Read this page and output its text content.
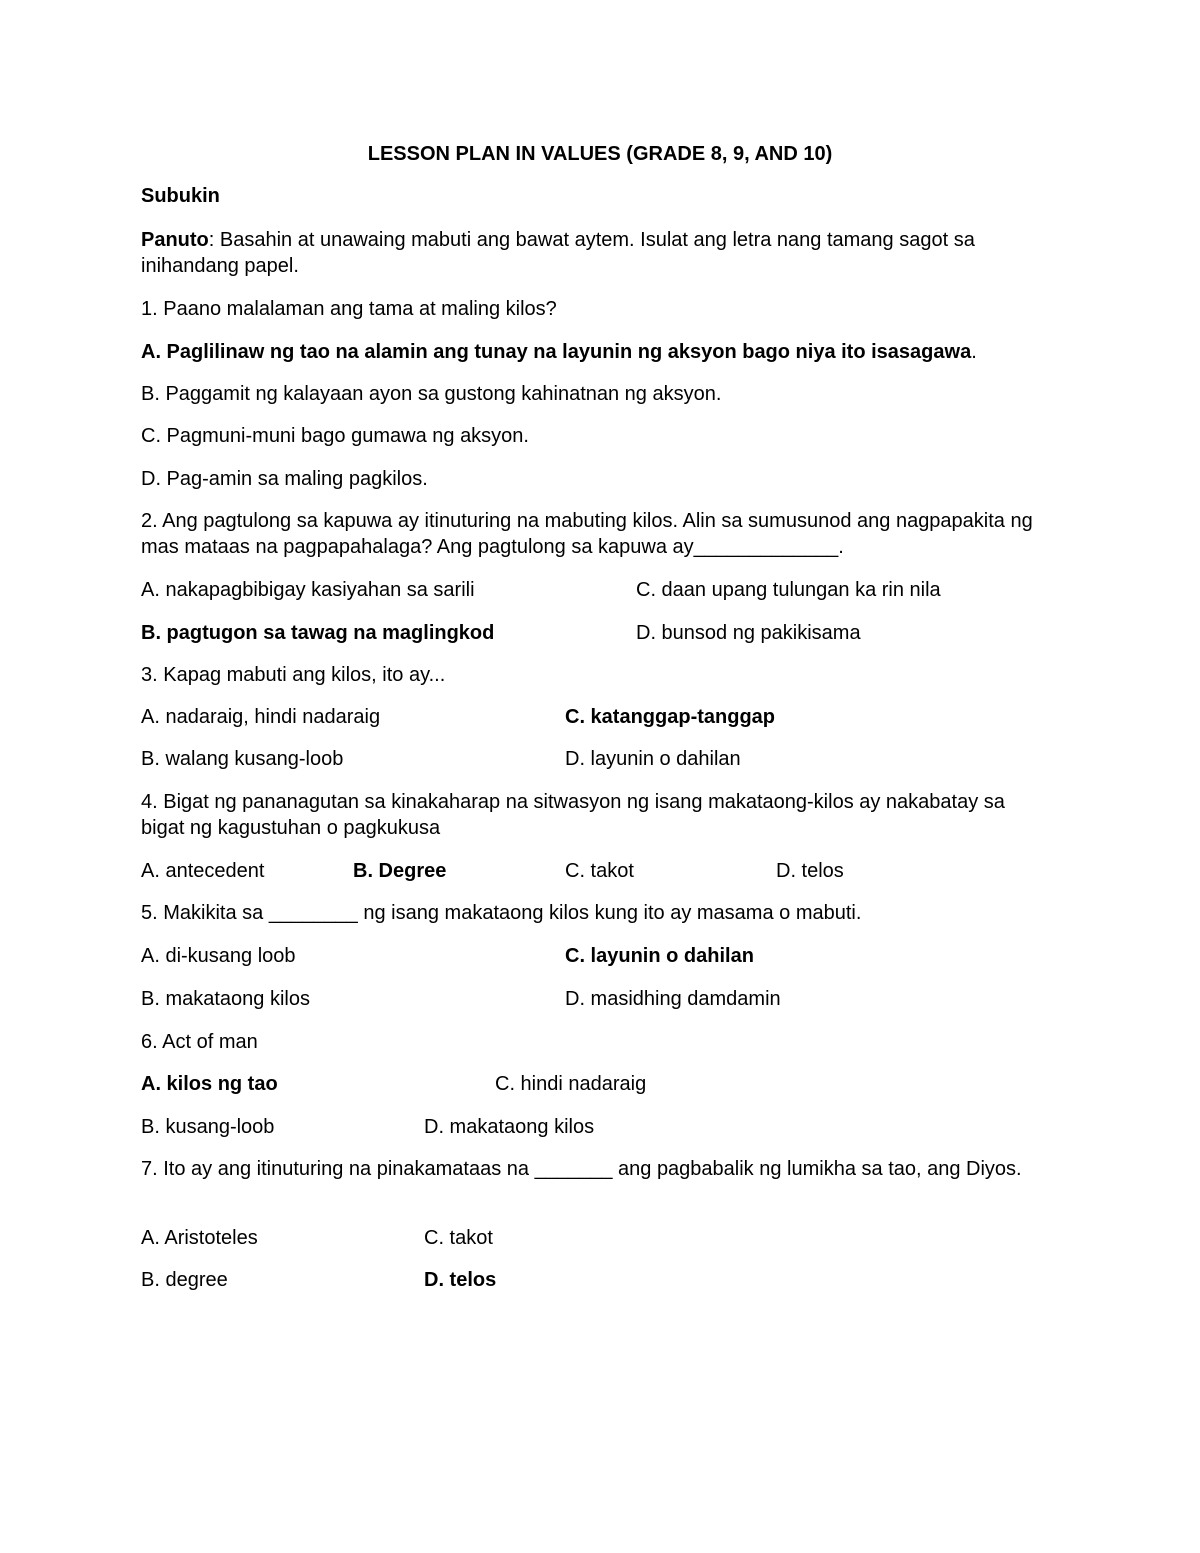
LESSON PLAN IN VALUES (GRADE 8, 9, AND 10)
Subukin
Panuto: Basahin at unawaing mabuti ang bawat aytem. Isulat ang letra nang tamang sagot sa inihandang papel.
1. Paano malalaman ang tama at maling kilos?
A. Paglilinaw ng tao na alamin ang tunay na layunin ng aksyon bago niya ito isasagawa.
B. Paggamit ng kalayaan ayon sa gustong kahinatnan ng aksyon.
C. Pagmuni-muni bago gumawa ng aksyon.
D. Pag-amin sa maling pagkilos.
2. Ang pagtulong sa kapuwa ay itinuturing na mabuting kilos. Alin sa sumusunod ang nagpapakita ng mas mataas na pagpapahalaga? Ang pagtulong sa kapuwa ay_____________.
A. nakapagbibigay kasiyahan sa sarili	C. daan upang tulungan ka rin nila
B. pagtugon sa tawag na maglingkod	D. bunsod ng pakikisama
3. Kapag mabuti ang kilos, ito ay...
A. nadaraig, hindi nadaraig	C. katanggap-tanggap
B. walang kusang-loob	D. layunin o dahilan
4. Bigat ng pananagutan sa kinakaharap na sitwasyon ng isang makataong-kilos ay nakabatay sa bigat ng kagustuhan o pagkukusa
A. antecedent	B. Degree	C. takot	D. telos
5. Makikita sa ________ ng isang makataong kilos kung ito ay masama o mabuti.
A. di-kusang loob	C. layunin o dahilan
B. makataong kilos	D. masidhing damdamin
6. Act of man
A. kilos ng tao	C. hindi nadaraig
B. kusang-loob	D. makataong kilos
7. Ito ay ang itinuturing na pinakamataas na _______ ang pagbabalik ng lumikha sa tao, ang Diyos.
A. Aristoteles	C. takot
B. degree	D. telos
